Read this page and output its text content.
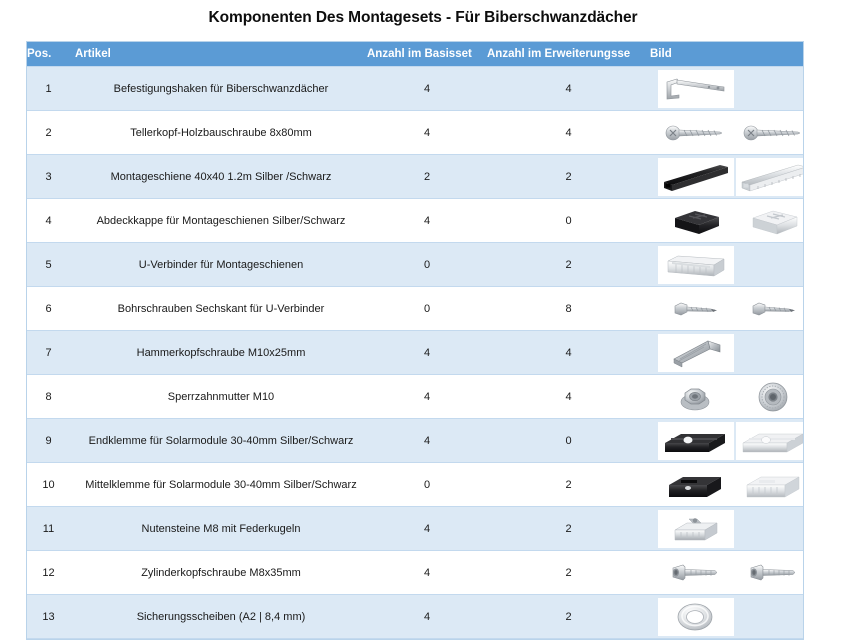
Komponenten Des Montagesets - Für Biberschwanzdächer
Pos.	Artikel	Anzahl im Basisset	Anzahl im Erweiterungsse	Bild
1	Befestigungshaken für Biberschwanzdächer	4	4	

2	Tellerkopf-Holzbauschraube 8x80mm	4	4	

3	Montageschiene 40x40 1.2m Silber /Schwarz	2	2	

4	Abdeckkappe für Montageschienen Silber/Schwarz	4	0	

5	U-Verbinder für Montageschienen	0	2	

6	Bohrschrauben Sechskant für U-Verbinder	0	8	

7	Hammerkopfschraube M10x25mm	4	4	

8	Sperrzahnmutter M10	4	4	

9	Endklemme für Solarmodule 30-40mm Silber/Schwarz	4	0	

10	Mittelklemme für Solarmodule 30-40mm Silber/Schwarz	0	2	

11	Nutensteine M8 mit Federkugeln	4	2	

12	Zylinderkopfschraube M8x35mm	4	2	

13	Sicherungsscheiben (A2 | 8,4 mm)	4	2	
